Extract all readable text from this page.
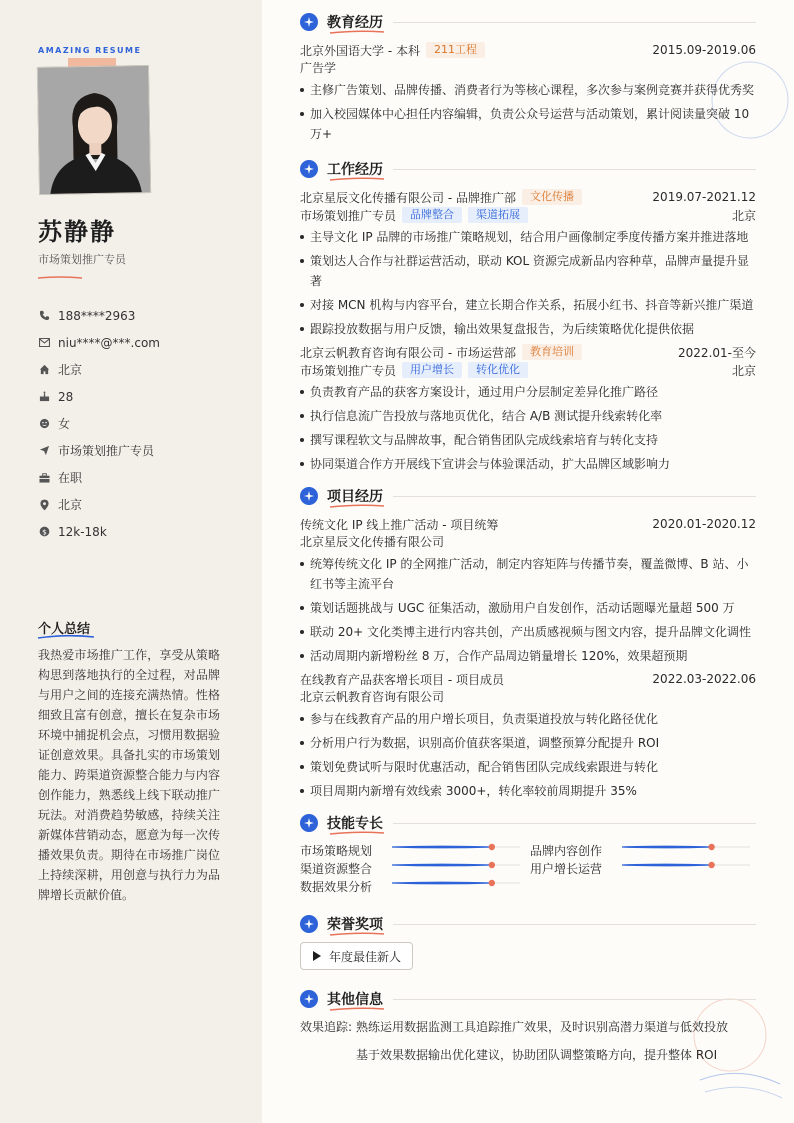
AMAZING RESUME
苏静静
市场策划推广专员
188****2963
niu****@***.com
北京
28
女
市场策划推广专员
在职
北京
$ 12k-18k
个人总结
我热爱市场推广工作，享受从策略构思到落地执行的全过程，对品牌与用户之间的连接充满热情。性格细致且富有创意，擅长在复杂市场环境中捕捉机会点，习惯用数据验证创意效果。具备扎实的市场策划能力、跨渠道资源整合能力与内容创作能力，熟悉线上线下联动推广玩法。对消费趋势敏感，持续关注新媒体营销动态，愿意为每一次传播效果负责。期待在市场推广岗位上持续深耕，用创意与执行力为品牌增长贡献价值。
教育经历
北京外国语大学 - 本科	211工程	2015.09-2019.06
广告学
主修广告策划、品牌传播、消费者行为等核心课程，多次参与案例竞赛并获得优秀奖
加入校园媒体中心担任内容编辑，负责公众号运营与活动策划，累计阅读量突破 10 万+
工作经历
北京星辰文化传播有限公司 - 品牌推广部	文化传播	2019.07-2021.12
市场策划推广专员	品牌整合	渠道拓展	北京
主导文化 IP 品牌的市场推广策略规划，结合用户画像制定季度传播方案并推进落地
策划达人合作与社群运营活动，联动 KOL 资源完成新品内容种草，品牌声量提升显著
对接 MCN 机构与内容平台，建立长期合作关系，拓展小红书、抖音等新兴推广渠道
跟踪投放数据与用户反馈，输出效果复盘报告，为后续策略优化提供依据
北京云帆教育咨询有限公司 - 市场运营部	教育培训	2022.01-至今
市场策划推广专员	用户增长	转化优化	北京
负责教育产品的获客方案设计，通过用户分层制定差异化推广路径
执行信息流广告投放与落地页优化，结合 A/B 测试提升线索转化率
撰写课程软文与品牌故事，配合销售团队完成线索培育与转化支持
协同渠道合作方开展线下宣讲会与体验课活动，扩大品牌区域影响力
项目经历
传统文化 IP 线上推广活动 - 项目统筹	2020.01-2020.12
北京星辰文化传播有限公司
统筹传统文化 IP 的全网推广活动，制定内容矩阵与传播节奏，覆盖微博、B 站、小红书等主流平台
策划话题挑战与 UGC 征集活动，激励用户自发创作，活动话题曝光量超 500 万
联动 20+ 文化类博主进行内容共创，产出质感视频与图文内容，提升品牌文化调性
活动周期内新增粉丝 8 万，合作产品周边销量增长 120%，效果超预期
在线教育产品获客增长项目 - 项目成员	2022.03-2022.06
北京云帆教育咨询有限公司
参与在线教育产品的用户增长项目，负责渠道投放与转化路径优化
分析用户行为数据，识别高价值获客渠道，调整预算分配提升 ROI
策划免费试听与限时优惠活动，配合销售团队完成线索跟进与转化
项目周期内新增有效线索 3000+，转化率较前周期提升 35%
技能专长
市场策略规划	品牌内容创作
渠道资源整合	用户增长运营
数据效果分析
荣誉奖项
年度最佳新人
其他信息
效果追踪: 熟练运用数据监测工具追踪推广效果，及时识别高潜力渠道与低效投放
基于效果数据输出优化建议，协助团队调整策略方向，提升整体 ROI
